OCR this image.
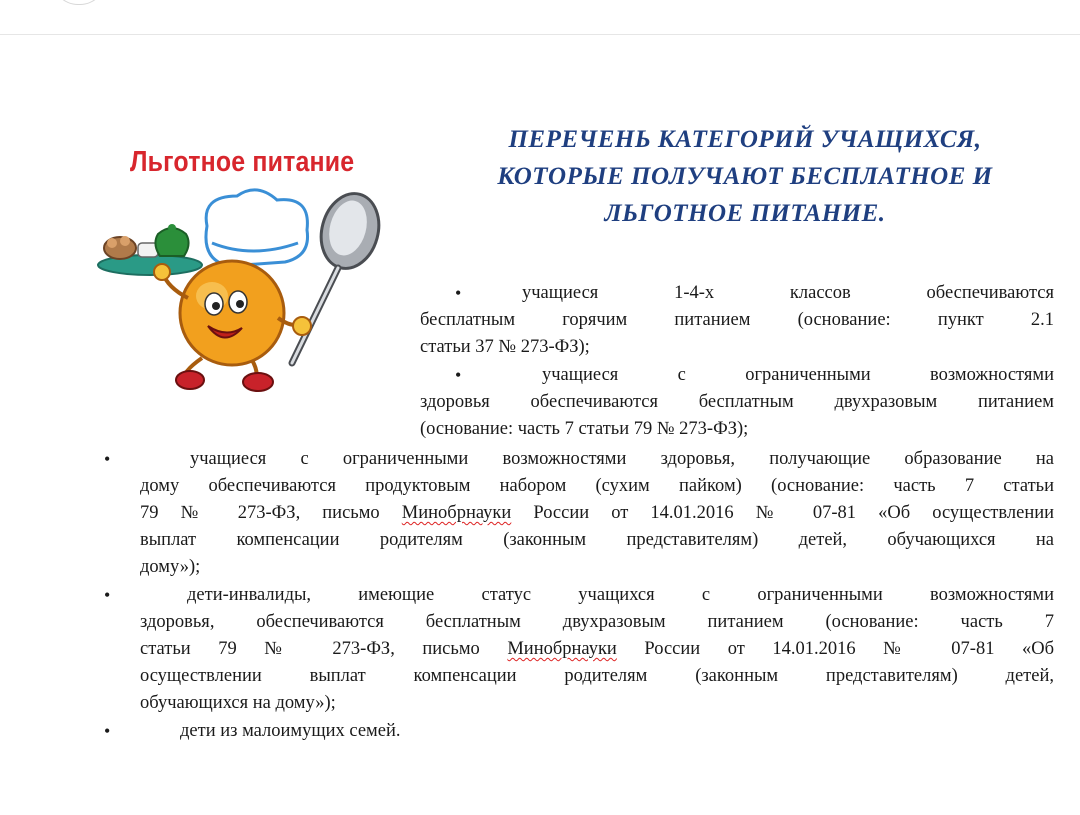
Льготное питание
ПЕРЕЧЕНЬ КАТЕГОРИЙ УЧАЩИХСЯ,
КОТОРЫЕ ПОЛУЧАЮТ БЕСПЛАТНОЕ И
ЛЬГОТНОЕ ПИТАНИЕ.
•	учащиеся 1-4-х классов обеспечиваются
бесплатным горячим питанием (основание: пункт 2.1
статьи 37 № 273-ФЗ);
•	учащиеся с ограниченными возможностями
здоровья обеспечиваются бесплатным двухразовым питанием
(основание: часть 7 статьи 79 № 273-ФЗ);
•	учащиеся с ограниченными возможностями здоровья, получающие образование на
дому обеспечиваются продуктовым набором (сухим пайком) (основание: часть 7 статьи
79 № 273-ФЗ, письмо Минобрнауки России от 14.01.2016 № 07-81 «Об осуществлении
выплат компенсации родителям (законным представителям) детей, обучающихся на
дому»);
•	дети-инвалиды, имеющие статус учащихся с ограниченными возможностями
здоровья, обеспечиваются бесплатным двухразовым питанием (основание: часть 7
статьи 79 № 273-ФЗ, письмо Минобрнауки России от 14.01.2016 № 07-81 «Об
осуществлении выплат компенсации родителям (законным представителям) детей,
обучающихся на дому»);
•	дети из малоимущих семей.
